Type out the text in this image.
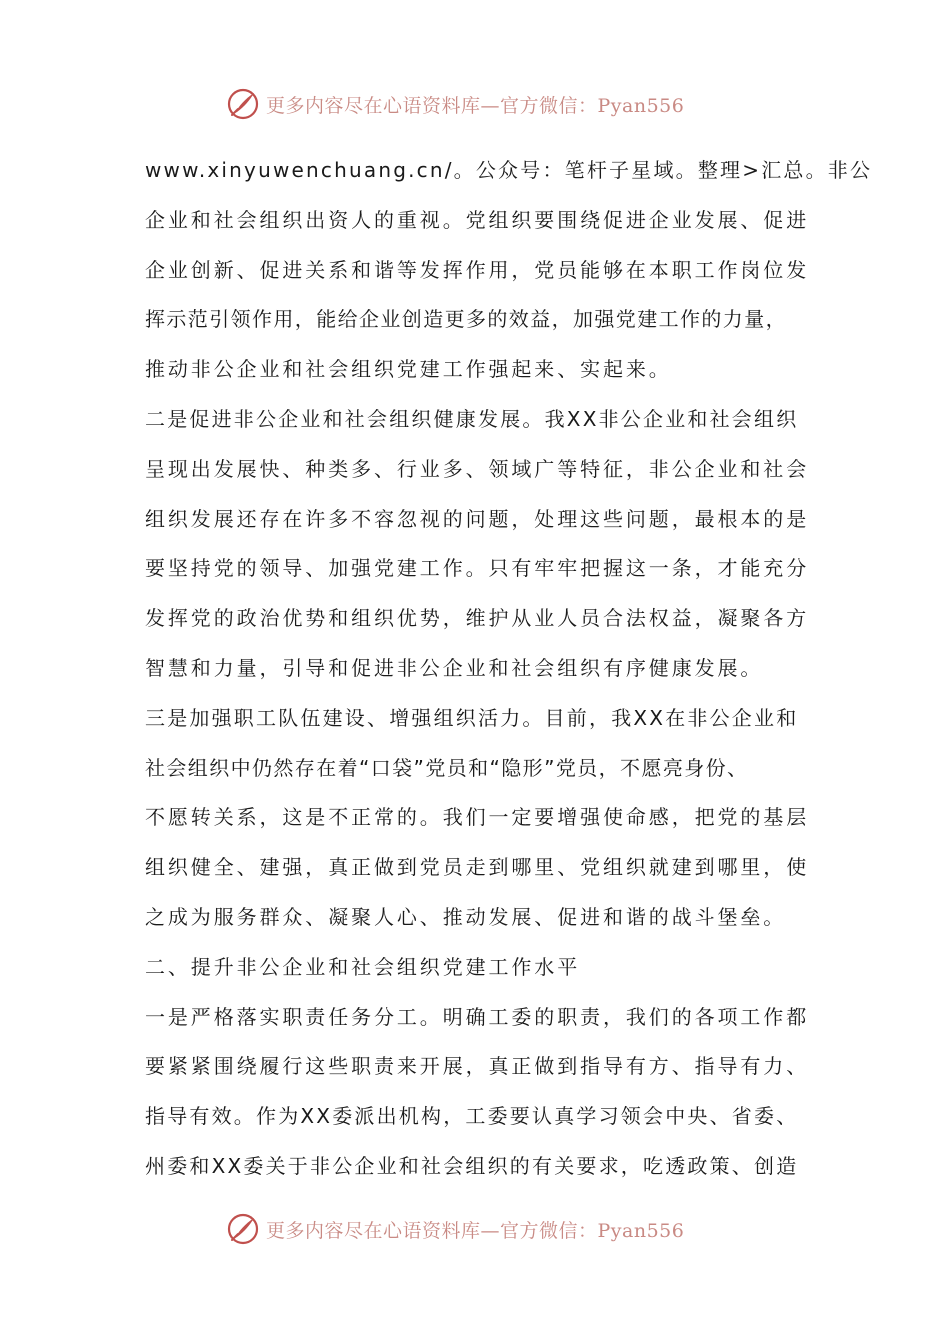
更多内容尽在心语资料库—官方微信：Pyan556
www.xinyuwenchuang.cn/。公众号：笔杆子星域。整理>汇总。非公
企业和社会组织出资人的重视。党组织要围绕促进企业发展、促进
企业创新、促进关系和谐等发挥作用，党员能够在本职工作岗位发
挥示范引领作用，能给企业创造更多的效益，加强党建工作的力量，
推动非公企业和社会组织党建工作强起来、实起来。
二是促进非公企业和社会组织健康发展。我XX非公企业和社会组织
呈现出发展快、种类多、行业多、领域广等特征，非公企业和社会
组织发展还存在许多不容忽视的问题，处理这些问题，最根本的是
要坚持党的领导、加强党建工作。只有牢牢把握这一条，才能充分
发挥党的政治优势和组织优势，维护从业人员合法权益，凝聚各方
智慧和力量，引导和促进非公企业和社会组织有序健康发展。
三是加强职工队伍建设、增强组织活力。目前，我XX在非公企业和
社会组织中仍然存在着“口袋”党员和“隐形”党员，不愿亮身份、
不愿转关系，这是不正常的。我们一定要增强使命感，把党的基层
组织健全、建强，真正做到党员走到哪里、党组织就建到哪里，使
之成为服务群众、凝聚人心、推动发展、促进和谐的战斗堡垒。
二、提升非公企业和社会组织党建工作水平
一是严格落实职责任务分工。明确工委的职责，我们的各项工作都
要紧紧围绕履行这些职责来开展，真正做到指导有方、指导有力、
指导有效。作为XX委派出机构，工委要认真学习领会中央、省委、
州委和XX委关于非公企业和社会组织的有关要求，吃透政策、创造
更多内容尽在心语资料库—官方微信：Pyan556
